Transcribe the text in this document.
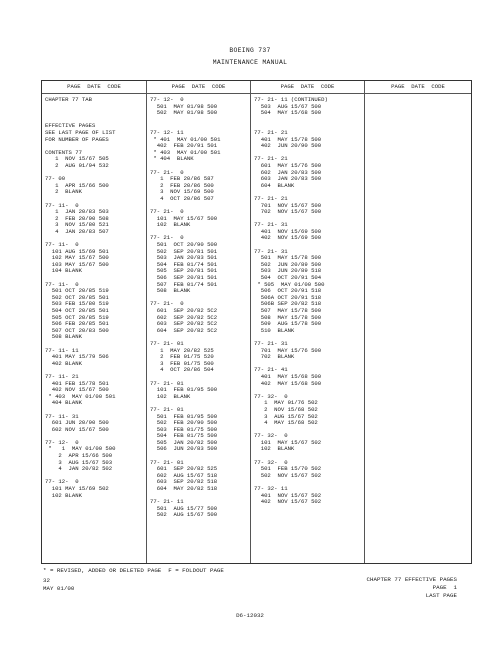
BOEING 737
MAINTENANCE MANUAL
PAGE  DATE  CODE
CHAPTER 77 TAB
EFFECTIVE PAGES
SEE LAST PAGE OF LIST
FOR NUMBER OF PAGES
CONTENTS 77
1  NOV 15/67 505
2  AUG 01/94 532
77- 00
1  APR 15/66 500
2  BLANK
77- 11-  0
1  JAN 20/83 503
2  FEB 20/90 508
3  NOV 15/80 521
4  JAN 20/83 507
77- 11-  0
101 AUG 15/69 501
102 MAY 15/67 500
103 MAY 15/67 500
104 BLANK
77- 11-  0
501 OCT 20/85 519
502 OCT 20/85 501
503 FEB 15/80 519
504 OCT 20/85 501
505 OCT 20/85 519
506 FEB 20/85 501
507 OCT 20/83 500
508 BLANK
77- 11- 11
401 MAY 15/79 506
402 BLANK
77- 11- 21
401 FEB 15/78 501
402 NOV 15/67 500
* 403  MAY 01/00 501
404 BLANK
77- 11- 31
601 JUN 20/90 500
602 NOV 15/67 500
77- 12-  0
*   1  MAY 01/00 500
2  APR 15/66 500
3  AUG 15/67 503
4  JAN 20/82 502
77- 12-  0
101 MAY 15/69 502
102 BLANK
PAGE  DATE  CODE
77- 12-  0
501  MAY 01/98 500
502  MAY 01/98 500
77- 12- 11
* 401  MAY 01/00 501
402  FEB 20/91 501
* 403  MAY 01/00 501
* 404  BLANK
77- 21-  0
1  FEB 20/86 587
2  FEB 20/86 500
3  NOV 15/69 500
4  OCT 20/86 507
77- 21-  0
101  MAY 15/67 500
102  BLANK
77- 21-  0
501  OCT 20/90 500
502  SEP 20/81 501
503  JAN 20/83 501
504  FEB 01/74 501
505  SEP 20/81 501
506  SEP 20/81 501
507  FEB 01/74 501
508  BLANK
77- 21-  0
601  SEP 20/82 5C2
602  SEP 20/82 5C2
603  SEP 20/82 5C2
604  SEP 20/82 5C2
77- 21- 01
1  MAY 20/82 525
2  FEB 01/75 520
3  FEB 01/75 500
4  OCT 20/86 504
77- 21- 01
101  FEB 01/95 500
102  BLANK
77- 21- 01
501  FEB 01/95 500
502  FEB 20/90 500
503  FEB 01/75 500
504  FEB 01/75 500
505  JAN 20/82 500
506  JUN 20/83 500
77- 21- 01
601  SEP 20/82 525
602  AUG 15/67 518
603  SEP 20/82 518
604  MAY 20/82 518
77- 21- 11
501  AUG 15/77 500
502  AUG 15/67 500
PAGE  DATE  CODE
77- 21- 11 (CONTINUED)
503  AUG 15/67 500
504  MAY 15/68 500
77- 21- 21
401  MAY 15/78 500
402  JUN 20/90 500
77- 21- 21
601  MAY 15/76 500
602  JAN 20/83 500
603  JAN 20/83 500
604  BLANK
77- 21- 21
701  NOV 15/67 500
702  NOV 15/67 500
77- 21- 31
401  NOV 15/69 500
402  NOV 15/69 500
77- 21- 31
501  MAY 15/78 500
502  JUN 20/89 500
503  JUN 20/89 518
504  OCT 20/91 504
* 505  MAY 01/00 500
506  OCT 20/91 518
506A OCT 20/91 518
506B SEP 20/82 518
507  MAY 15/78 500
508  MAY 15/78 500
509  AUG 15/78 500
510  BLANK
77- 21- 31
701  MAY 15/76 500
702  BLANK
77- 21- 41
401  MAY 15/68 500
402  MAY 15/68 500
77- 32-  0
1  MAY 01/76 502
2  NOV 15/68 502
3  AUG 15/67 502
4  MAY 15/68 502
77- 32-  0
101  MAY 15/67 502
102  BLANK
77- 32-  0
501  FEB 15/70 502
502  NOV 15/67 502
77- 32- 11
401  NOV 15/67 502
402  NOV 15/67 502
PAGE  DATE  CODE
* = REVISED, ADDED OR DELETED PAGE  F = FOLDOUT PAGE
32
MAY 01/00
CHAPTER 77 EFFECTIVE PAGES
PAGE  1
LAST PAGE
D6-12032
